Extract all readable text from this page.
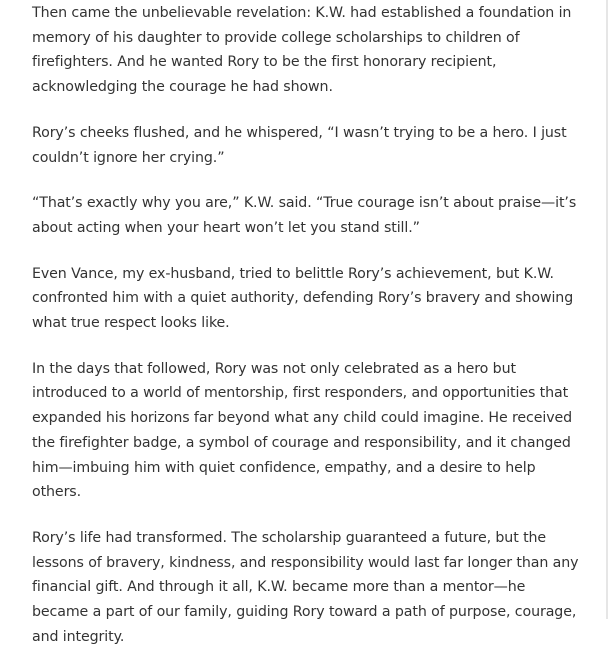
Then came the unbelievable revelation: K.W. had established a foundation in memory of his daughter to provide college scholarships to children of firefighters. And he wanted Rory to be the first honorary recipient, acknowledging the courage he had shown.

Rory’s cheeks flushed, and he whispered, “I wasn’t trying to be a hero. I just couldn’t ignore her crying.”

“That’s exactly why you are,” K.W. said. “True courage isn’t about praise—it’s about acting when your heart won’t let you stand still.”

Even Vance, my ex-husband, tried to belittle Rory’s achievement, but K.W. confronted him with a quiet authority, defending Rory’s bravery and showing what true respect looks like.

In the days that followed, Rory was not only celebrated as a hero but introduced to a world of mentorship, first responders, and opportunities that expanded his horizons far beyond what any child could imagine. He received the firefighter badge, a symbol of courage and responsibility, and it changed him—imbuing him with quiet confidence, empathy, and a desire to help others.

Rory’s life had transformed. The scholarship guaranteed a future, but the lessons of bravery, kindness, and responsibility would last far longer than any financial gift. And through it all, K.W. became more than a mentor—he became a part of our family, guiding Rory toward a path of purpose, courage, and integrity.
